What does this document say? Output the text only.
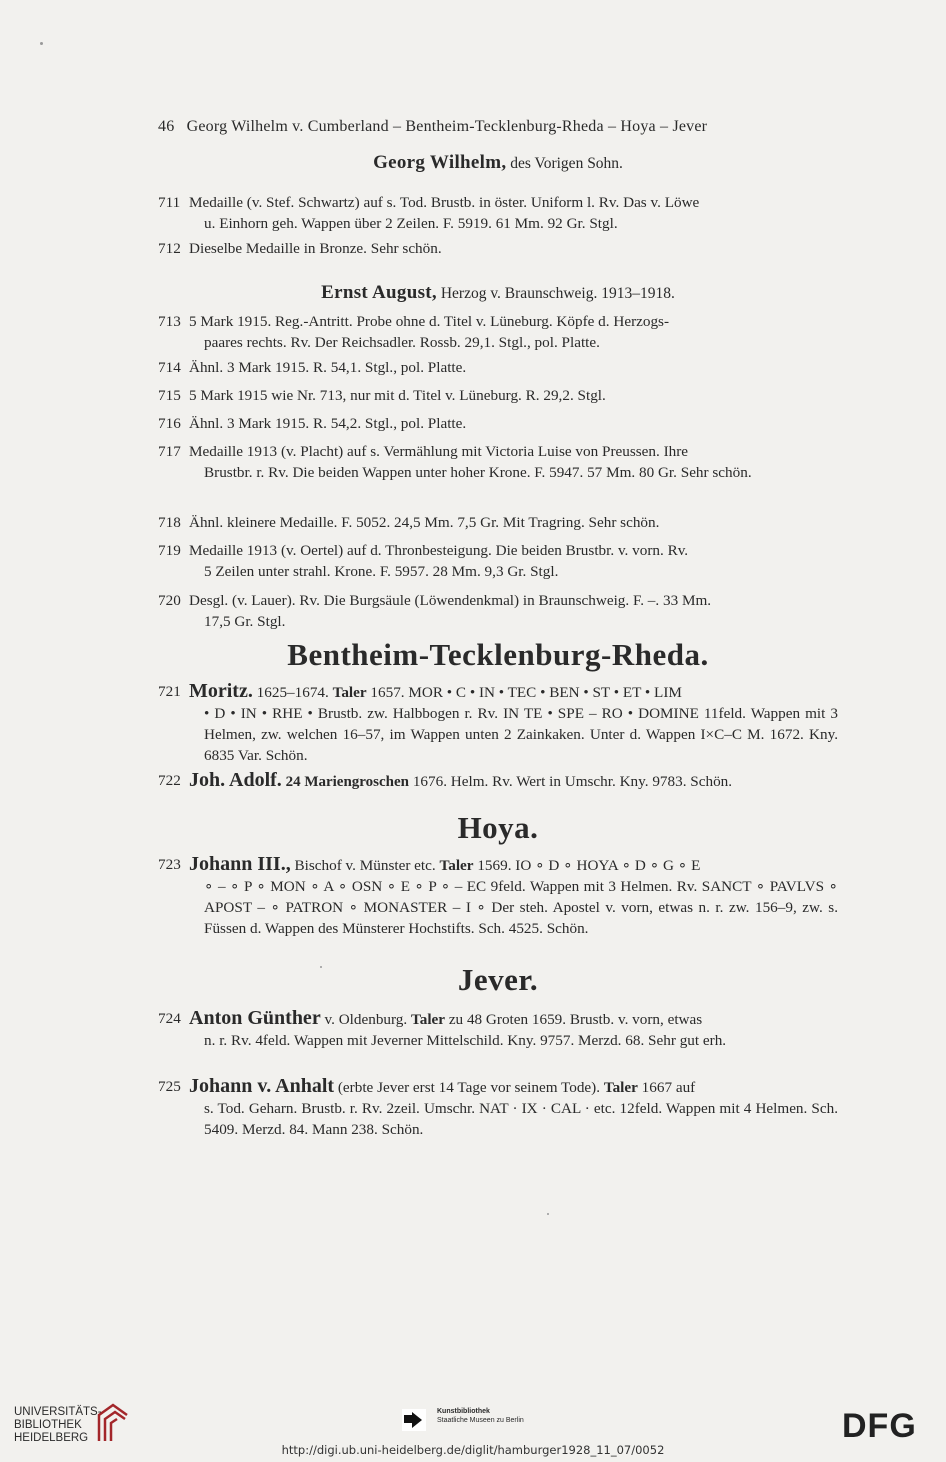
46 Georg Wilhelm v. Cumberland – Bentheim-Tecklenburg-Rheda – Hoya – Jever
Georg Wilhelm, des Vorigen Sohn.
711 Medaille (v. Stef. Schwartz) auf s. Tod. Brustb. in öster. Uniform l. Rv. Das v. Löwe
u. Einhorn geh. Wappen über 2 Zeilen. F. 5919. 61 Mm. 92 Gr. Stgl.
712 Dieselbe Medaille in Bronze. Sehr schön.
Ernst August, Herzog v. Braunschweig. 1913–1918.
713 5 Mark 1915. Reg.-Antritt. Probe ohne d. Titel v. Lüneburg. Köpfe d. Herzogs-
paares rechts. Rv. Der Reichsadler. Rossb. 29,1. Stgl., pol. Platte.
714 Ähnl. 3 Mark 1915. R. 54,1. Stgl., pol. Platte.
715 5 Mark 1915 wie Nr. 713, nur mit d. Titel v. Lüneburg. R. 29,2. Stgl.
716 Ähnl. 3 Mark 1915. R. 54,2. Stgl., pol. Platte.
717 Medaille 1913 (v. Placht) auf s. Vermählung mit Victoria Luise von Preussen. Ihre
Brustbr. r. Rv. Die beiden Wappen unter hoher Krone. F. 5947. 57 Mm. 80 Gr. Sehr schön.
718 Ähnl. kleinere Medaille. F. 5052. 24,5 Mm. 7,5 Gr. Mit Tragring. Sehr schön.
719 Medaille 1913 (v. Oertel) auf d. Thronbesteigung. Die beiden Brustbr. v. vorn. Rv.
5 Zeilen unter strahl. Krone. F. 5957. 28 Mm. 9,3 Gr. Stgl.
720 Desgl. (v. Lauer). Rv. Die Burgsäule (Löwendenkmal) in Braunschweig. F. –. 33 Mm.
17,5 Gr. Stgl.
Bentheim-Tecklenburg-Rheda.
721 Moritz. 1625–1674. Taler 1657. MOR • C • IN • TEC • BEN • ST • ET • LIM
• D • IN • RHE • Brustb. zw. Halbbogen r. Rv. IN TE • SPE – RO • DOMINE 11feld. Wappen mit 3 Helmen, zw. welchen 16–57, im Wappen unten 2 Zainkaken. Unter d. Wappen I×C–C M. 1672. Kny. 6835 Var. Schön.
722 Joh. Adolf. 24 Mariengroschen 1676. Helm. Rv. Wert in Umschr. Kny. 9783. Schön.
Hoya.
723 Johann III., Bischof v. Münster etc. Taler 1569. IO ∘ D ∘ HOYA ∘ D ∘ G ∘ E
∘ – ∘ P ∘ MON ∘ A ∘ OSN ∘ E ∘ P ∘ – EC 9feld. Wappen mit 3 Helmen. Rv. SANCT ∘ PAVLVS ∘ APOST – ∘ PATRON ∘ MONASTER – I ∘ Der steh. Apostel v. vorn, etwas n. r. zw. 156–9, zw. s. Füssen d. Wappen des Münsterer Hochstifts. Sch. 4525. Schön.
Jever.
724 Anton Günther v. Oldenburg. Taler zu 48 Groten 1659. Brustb. v. vorn, etwas
n. r. Rv. 4feld. Wappen mit Jeverner Mittelschild. Kny. 9757. Merzd. 68. Sehr gut erh.
725 Johann v. Anhalt (erbte Jever erst 14 Tage vor seinem Tode). Taler 1667 auf
s. Tod. Geharn. Brustb. r. Rv. 2zeil. Umschr. NAT · IX · CAL · etc. 12feld. Wappen mit 4 Helmen. Sch. 5409. Merzd. 84. Mann 238. Schön.
UNIVERSITÄTS-
BIBLIOTHEK
HEIDELBERG
Kunstbibliothek
Staatliche Museen zu Berlin	DFG
http://digi.ub.uni-heidelberg.de/diglit/hamburger1928_11_07/0052
